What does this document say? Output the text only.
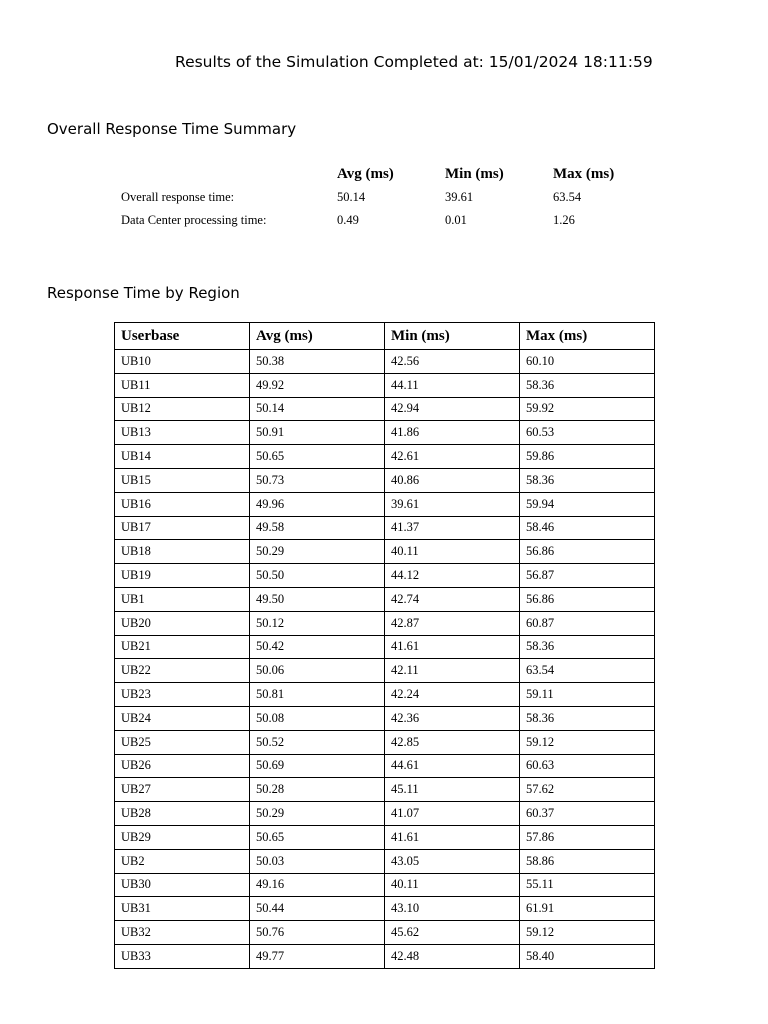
Results of the Simulation Completed at: 15/01/2024 18:11:59
Overall Response Time Summary
	Avg (ms)	Min (ms)	Max (ms)
Overall response time:	50.14	39.61	63.54
Data Center processing time:	0.49	0.01	1.26
Response Time by Region
Userbase	Avg (ms)	Min (ms)	Max (ms)
UB10	50.38	42.56	60.10
UB11	49.92	44.11	58.36
UB12	50.14	42.94	59.92
UB13	50.91	41.86	60.53
UB14	50.65	42.61	59.86
UB15	50.73	40.86	58.36
UB16	49.96	39.61	59.94
UB17	49.58	41.37	58.46
UB18	50.29	40.11	56.86
UB19	50.50	44.12	56.87
UB1	49.50	42.74	56.86
UB20	50.12	42.87	60.87
UB21	50.42	41.61	58.36
UB22	50.06	42.11	63.54
UB23	50.81	42.24	59.11
UB24	50.08	42.36	58.36
UB25	50.52	42.85	59.12
UB26	50.69	44.61	60.63
UB27	50.28	45.11	57.62
UB28	50.29	41.07	60.37
UB29	50.65	41.61	57.86
UB2	50.03	43.05	58.86
UB30	49.16	40.11	55.11
UB31	50.44	43.10	61.91
UB32	50.76	45.62	59.12
UB33	49.77	42.48	58.40
